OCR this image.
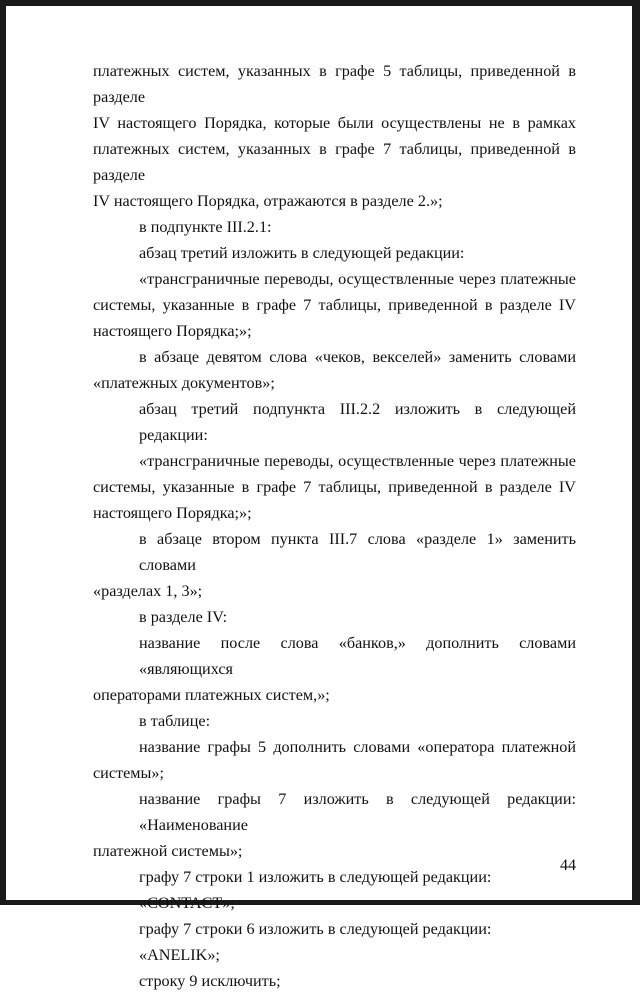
платежных систем, указанных в графе 5 таблицы, приведенной в разделе
IV настоящего Порядка, которые были осуществлены не в рамках
платежных систем, указанных в графе 7 таблицы, приведенной в разделе
IV настоящего Порядка, отражаются в разделе 2.»;
в подпункте III.2.1:
абзац третий изложить в следующей редакции:
«трансграничные переводы, осуществленные через платежные
системы, указанные в графе 7 таблицы, приведенной в разделе IV
настоящего Порядка;»;
в абзаце девятом слова «чеков, векселей» заменить словами
«платежных документов»;
абзац третий подпункта III.2.2 изложить в следующей редакции:
«трансграничные переводы, осуществленные через платежные
системы, указанные в графе 7 таблицы, приведенной в разделе IV
настоящего Порядка;»;
в абзаце втором пункта III.7 слова «разделе 1» заменить словами
«разделах 1, 3»;
в разделе IV:
название после слова «банков,» дополнить словами «являющихся
операторами платежных систем,»;
в таблице:
название графы 5 дополнить словами «оператора платежной
системы»;
название графы 7 изложить в следующей редакции: «Наименование
платежной системы»;
графу 7 строки 1 изложить в следующей редакции:
«CONTACT»;
графу 7 строки 6 изложить в следующей редакции:
«ANELIK»;
строку 9 исключить;
44
